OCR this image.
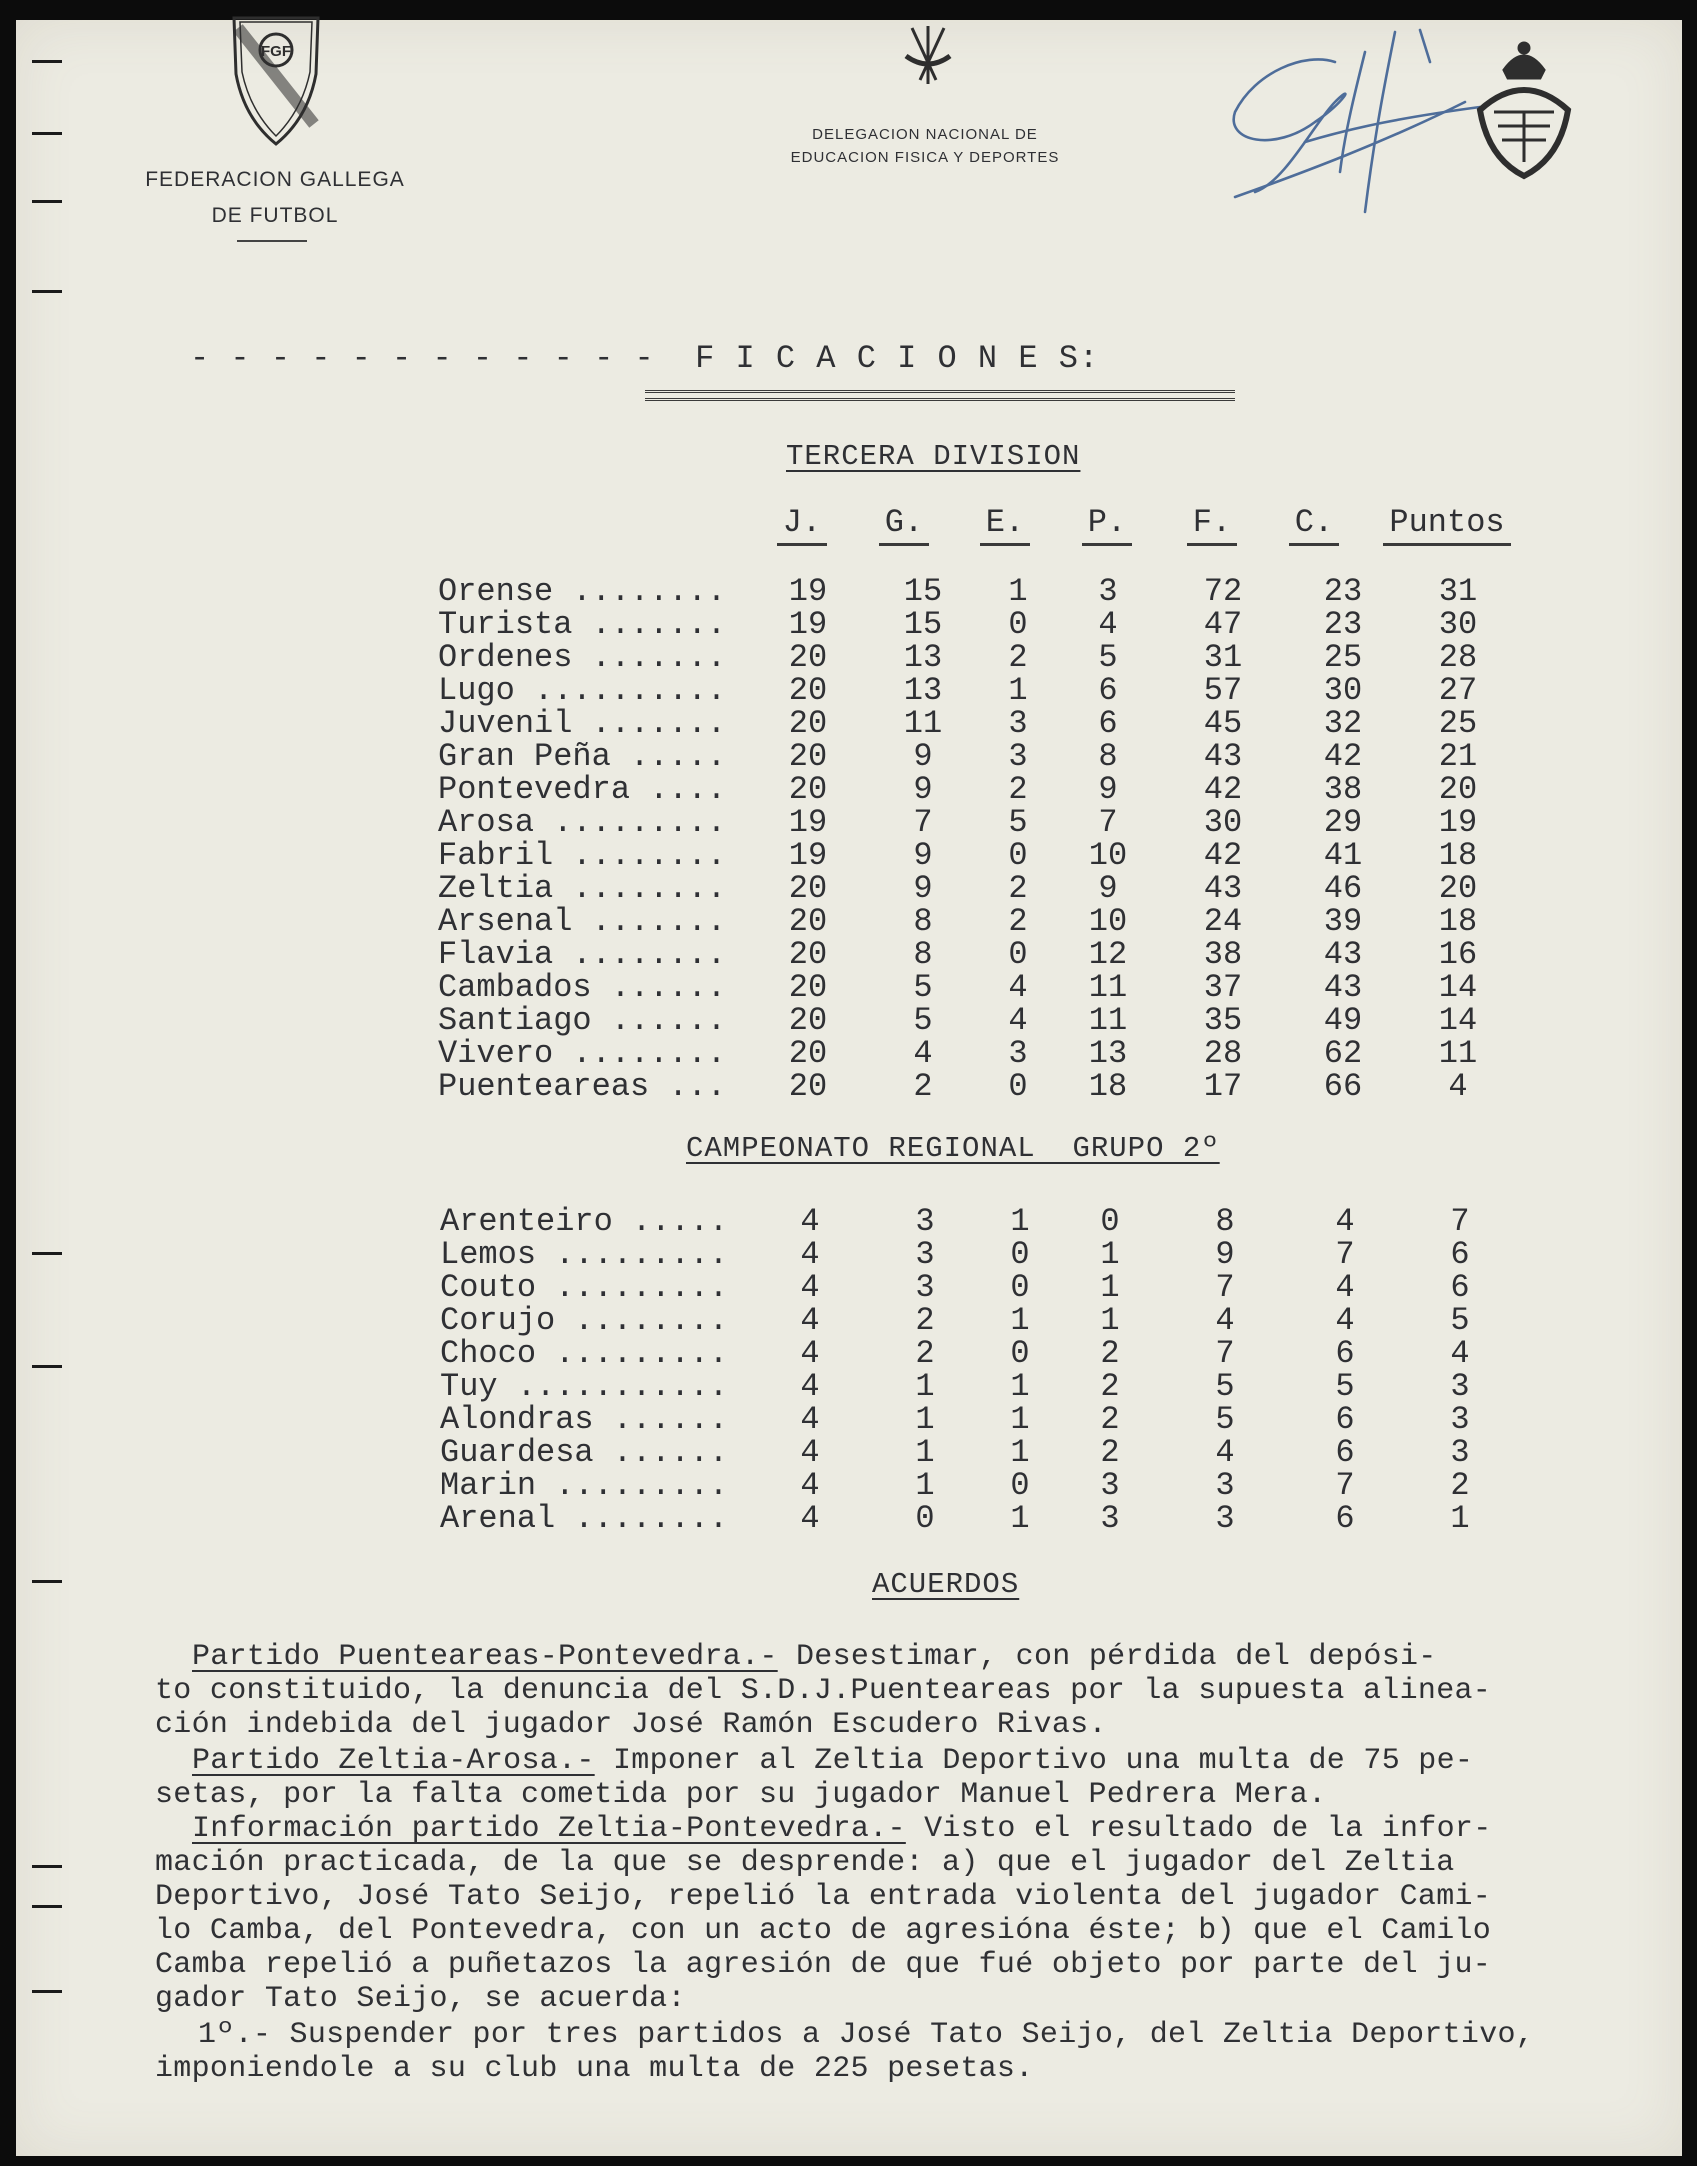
FGF
FEDERACION GALLEGA
DE FUTBOL
DELEGACION NACIONAL DE
EDUCACION FISICA Y DEPORTES
- - - - - - - - - - - -  F I C A C I O N E S:
TERCERA DIVISION
J.	G.	E.	P.	F.	C.	Puntos
Orense ........	19	15	1	3	72	23	31
Turista .......	19	15	0	4	47	23	30
Ordenes .......	20	13	2	5	31	25	28
Lugo ..........	20	13	1	6	57	30	27
Juvenil .......	20	11	3	6	45	32	25
Gran Peña .....	20	9	3	8	43	42	21
Pontevedra ....	20	9	2	9	42	38	20
Arosa .........	19	7	5	7	30	29	19
Fabril ........	19	9	0	10	42	41	18
Zeltia ........	20	9	2	9	43	46	20
Arsenal .......	20	8	2	10	24	39	18
Flavia ........	20	8	0	12	38	43	16
Cambados ......	20	5	4	11	37	43	14
Santiago ......	20	5	4	11	35	49	14
Vivero ........	20	4	3	13	28	62	11
Puenteareas ...	20	2	0	18	17	66	4
CAMPEONATO REGIONAL  GRUPO 2º
Arenteiro .....	4	3	1	0	8	4	7
Lemos .........	4	3	0	1	9	7	6
Couto .........	4	3	0	1	7	4	6
Corujo ........	4	2	1	1	4	4	5
Choco .........	4	2	0	2	7	6	4
Tuy ...........	4	1	1	2	5	5	3
Alondras ......	4	1	1	2	5	6	3
Guardesa ......	4	1	1	2	4	6	3
Marin .........	4	1	0	3	3	7	2
Arenal ........	4	0	1	3	3	6	1
ACUERDOS
Partido Puenteareas-Pontevedra.- Desestimar, con pérdida del depósi-
to constituido, la denuncia del S.D.J.Puenteareas por la supuesta alinea-
ción indebida del jugador José Ramón Escudero Rivas.
Partido Zeltia-Arosa.- Imponer al Zeltia Deportivo una multa de 75 pe-
setas, por la falta cometida por su jugador Manuel Pedrera Mera.
Información partido Zeltia-Pontevedra.- Visto el resultado de la infor-
mación practicada, de la que se desprende: a) que el jugador del Zeltia
Deportivo, José Tato Seijo, repelió la entrada violenta del jugador Cami-
lo Camba, del Pontevedra, con un acto de agresióna éste; b) que el Camilo
Camba repelió a puñetazos la agresión de que fué objeto por parte del ju-
gador Tato Seijo, se acuerda:
1º.- Suspender por tres partidos a José Tato Seijo, del Zeltia Deportivo,
imponiendole a su club una multa de 225 pesetas.
